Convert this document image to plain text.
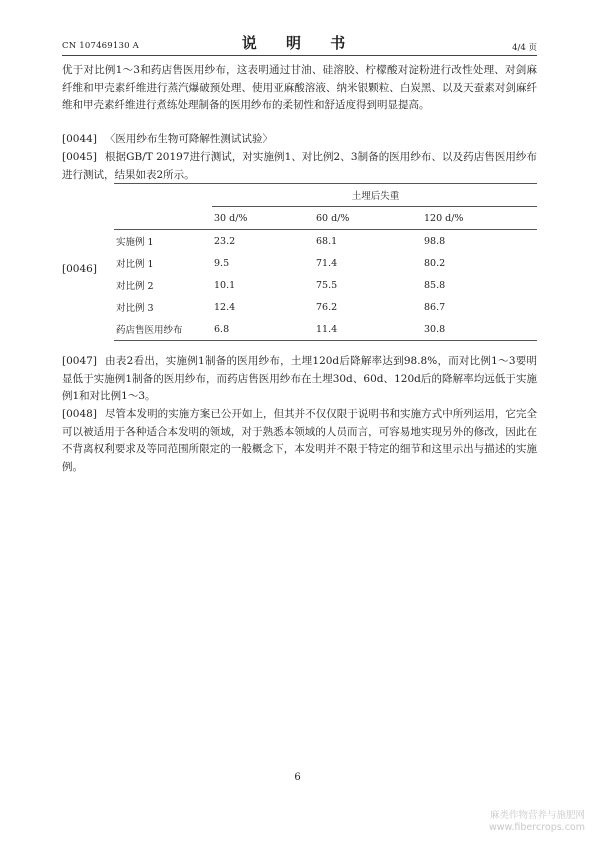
CN 107469130 A	说 明 书	4/4 页
优于对比例1～3和药店售医用纱布，这表明通过甘油、硅溶胶、柠檬酸对淀粉进行改性处理、对剑麻纤维和甲壳素纤维进行蒸汽爆破预处理、使用亚麻酸溶液、纳米银颗粒、白炭黑、以及天蚕素对剑麻纤维和甲壳素纤维进行煮练处理制备的医用纱布的柔韧性和舒适度得到明显提高。
[0044] 〈医用纱布生物可降解性测试试验〉
[0045] 根据GB/T 20197进行测试，对实施例1、对比例2、3制备的医用纱布、以及药店售医用纱布进行测试，结果如表2所示。
[0046]
	土埋后失重		
	30 d/%	60 d/%	120 d/%
实施例 1	23.2	68.1	98.8
对比例 1	9.5	71.4	80.2
对比例 2	10.1	75.5	85.8
对比例 3	12.4	76.2	86.7
药店售医用纱布	6.8	11.4	30.8
[0047] 由表2看出，实施例1制备的医用纱布，土埋120d后降解率达到98.8%，而对比例1～3要明显低于实施例1制备的医用纱布，而药店售医用纱布在土埋30d、60d、120d后的降解率均远低于实施例1和对比例1～3。
[0048] 尽管本发明的实施方案已公开如上，但其并不仅仅限于说明书和实施方式中所列运用，它完全可以被适用于各种适合本发明的领域，对于熟悉本领域的人员而言，可容易地实现另外的修改，因此在不背离权利要求及等同范围所限定的一般概念下，本发明并不限于特定的细节和这里示出与描述的实施例。
6
麻类作物营养与施肥网
www.fibercrops.com
